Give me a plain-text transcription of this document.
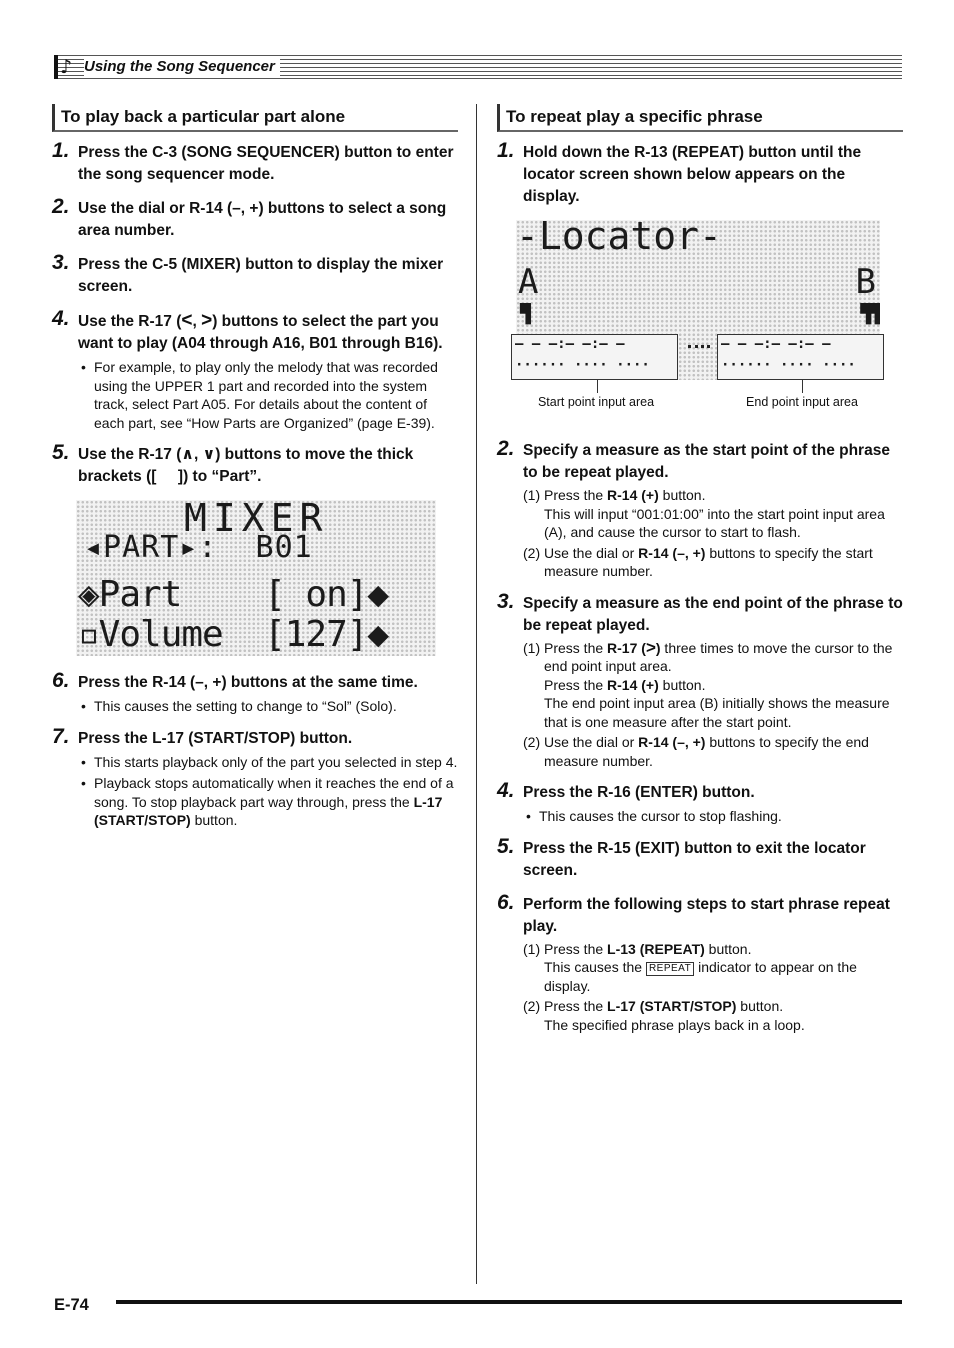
♪ Using the Song Sequencer
To play back a particular part alone
1. Press the C-3 (SONG SEQUENCER) button to enter the song sequencer mode.
2. Use the dial or R-14 (–, +) buttons to select a song area number.
3. Press the C-5 (MIXER) button to display the mixer screen.
4. Use the R-17 (<, >) buttons to select the part you want to play (A04 through A16, B01 through B16).
• For example, to play only the melody that was recorded using the UPPER 1 part and recorded into the system track, select Part A05. For details about the content of each part, see “How Parts are Organized” (page E-39).
5. Use the R-17 (∧, ∨) buttons to move the thick brackets ([     ]) to “Part”.
MIXER
◂PART▸:  B01
◈Part    [ on]◆
▫Volume  [127]◆
6. Press the R-14 (–, +) buttons at the same time.
• This causes the setting to change to “Sol” (Solo).
7. Press the L-17 (START/STOP) button.
• This starts playback only of the part you selected in step 4.
• Playback stops automatically when it reaches the end of a song. To stop playback part way through, press the L-17 (START/STOP) button.
To repeat play a specific phrase
1. Hold down the R-13 (REPEAT) button until the locator screen shown below appears on the display.
-Locator-
A	B
▜	▜▜
— — —:— —:— —
······ ···· ····
— — —:— —:— —
······ ···· ····
Start point input area	End point input area
2. Specify a measure as the start point of the phrase to be repeat played.
(1) Press the R-14 (+) button.

This will input “001:01:00” into the start point input area (A), and cause the cursor to start to flash.

(2) Use the dial or R-14 (–, +) buttons to specify the start measure number.

3. Specify a measure as the end point of the phrase to be repeat played.
(1) Press the R-17 (>) three times to move the cursor to the end point input area.

Press the R-14 (+) button.

The end point input area (B) initially shows the measure that is one measure after the start point.

(2) Use the dial or R-14 (–, +) buttons to specify the end measure number.

4. Press the R-16 (ENTER) button.
• This causes the cursor to stop flashing.
5. Press the R-15 (EXIT) button to exit the locator screen.
6. Perform the following steps to start phrase repeat play.
(1) Press the L-13 (REPEAT) button.

This causes the REPEAT indicator to appear on the display.

(2) Press the L-17 (START/STOP) button.

The specified phrase plays back in a loop.

E-74
